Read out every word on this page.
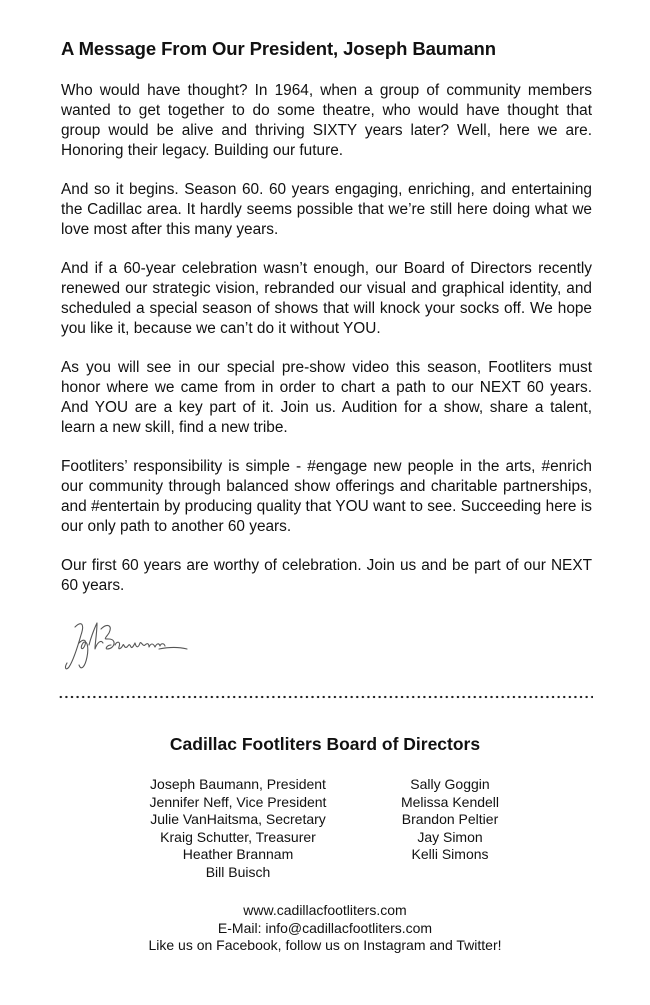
A Message From Our President, Joseph Baumann

Who would have thought? In 1964, when a group of community members wanted to get together to do some theatre, who would have thought that group would be alive and thriving SIXTY years later? Well, here we are. Honoring their legacy. Building our future.

And so it begins. Season 60. 60 years engaging, enriching, and entertaining the Cadillac area. It hardly seems possible that we’re still here doing what we love most after this many years.

And if a 60-year celebration wasn’t enough, our Board of Directors recently renewed our strategic vision, rebranded our visual and graphical identity, and scheduled a special season of shows that will knock your socks off. We hope you like it, because we can’t do it without YOU.

As you will see in our special pre-show video this season, Footliters must honor where we came from in order to chart a path to our NEXT 60 years. And YOU are a key part of it. Join us. Audition for a show, share a talent, learn a new skill, find a new tribe.

Footliters’ responsibility is simple - #engage new people in the arts, #enrich our community through balanced show offerings and charitable partnerships, and #entertain by producing quality that YOU want to see. Succeeding here is our only path to another 60 years.

Our first 60 years are worthy of celebration. Join us and be part of our NEXT 60 years.

Cadillac Footliters Board of Directors
Joseph Baumann, President
Jennifer Neff, Vice President
Julie VanHaitsma, Secretary
Kraig Schutter, Treasurer
Heather Brannam
Bill Buisch
Sally Goggin
Melissa Kendell
Brandon Peltier
Jay Simon
Kelli Simons
www.cadillacfootliters.com
E-Mail: info@cadillacfootliters.com
Like us on Facebook, follow us on Instagram and Twitter!
